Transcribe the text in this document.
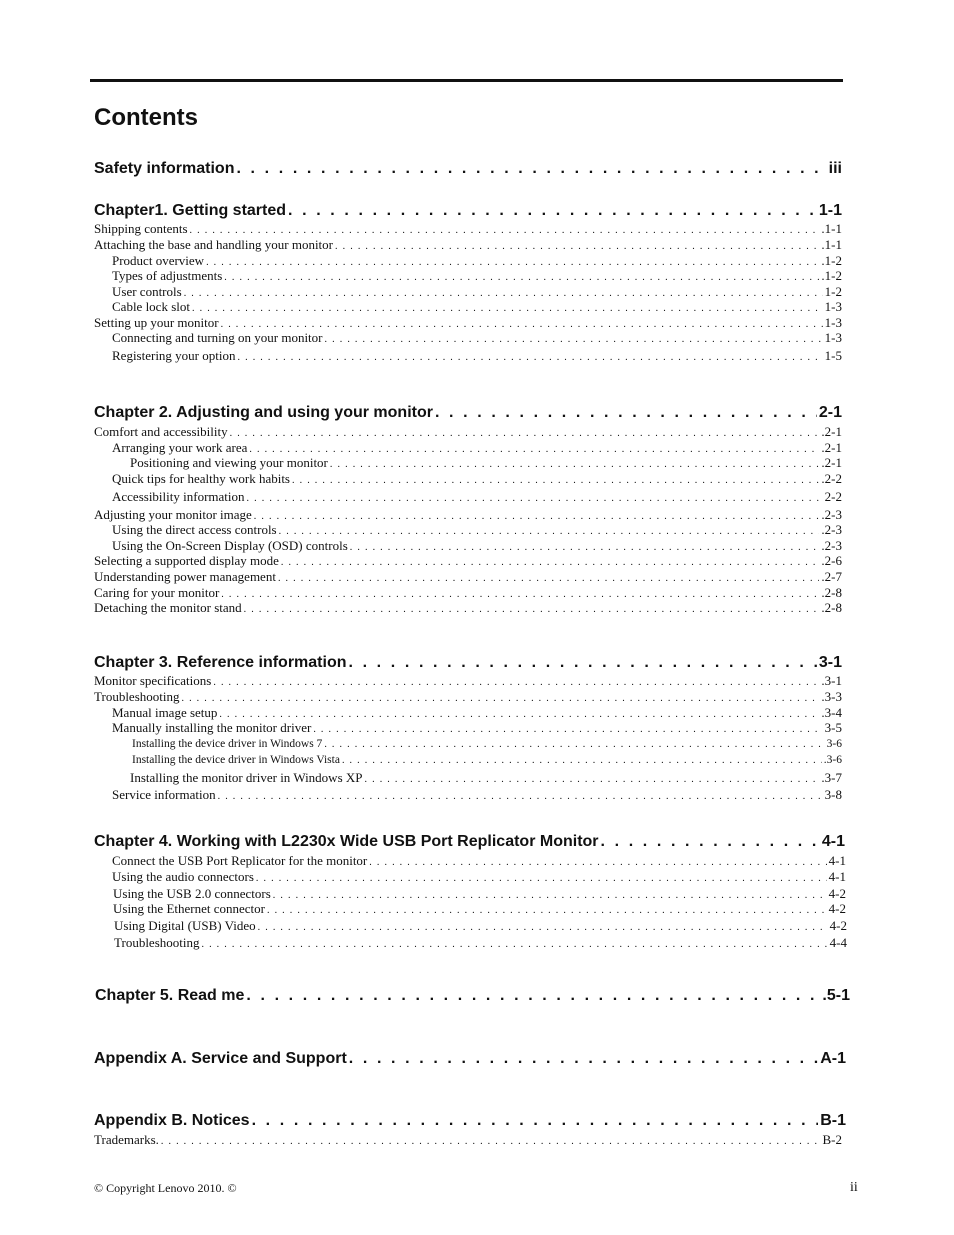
Contents
Safety information . . .	iii
Chapter1. Getting started . . .	1-1
Shipping contents . . .	.1-1
Attaching the base and handling your monitor . . .	.1-1
Product overview . . .	.1-2
Types of adjustments . . .	.1-2
User controls . . .	1-2
Cable lock slot . . .	1-3
Setting up your monitor . . .	1-3
Connecting and turning on your monitor . . .	1-3
Registering your option . . .	1-5
Chapter 2. Adjusting and using your monitor . . .	2-1
Comfort and accessibility . . .	.2-1
Arranging your work area . . .	.2-1
Positioning and viewing your monitor . . .	.2-1
Quick tips for healthy work habits . . .	.2-2
Accessibility information . . .	2-2
Adjusting your monitor image . . .	.2-3
Using the direct access controls . . .	.2-3
Using the On-Screen Display (OSD) controls . . .	.2-3
Selecting a supported display mode . . .	.2-6
Understanding power management . . .	.2-7
Caring for your monitor . . .	.2-8
Detaching the monitor stand . . .	.2-8
Chapter 3. Reference information . . .	3-1
Monitor specifications . . .	.3-1
Troubleshooting . . .	.3-3
Manual image setup . . .	.3-4
Manually installing the monitor driver . . .	3-5
Installing the device driver in Windows 7 . . .	3-6
Installing the device driver in Windows Vista . . .	.3-6
Installing the monitor driver in Windows XP . . .	.3-7
Service information . . .	3-8
Chapter 4. Working with L2230x Wide USB Port Replicator Monitor . . .	4-1
Connect the USB Port Replicator for the monitor . . .	4-1
Using the audio connectors . . .	4-1
Using the USB 2.0 connectors . . .	4-2
Using the Ethernet connector . . .	4-2
Using Digital (USB) Video . . .	4-2
Troubleshooting . . .	4-4
Chapter 5. Read me . . .	.5-1
Appendix A. Service and Support . . .	A-1
Appendix B. Notices . . .	B-1
Trademarks. . . .	B-2
© Copyright Lenovo 2010. ©	ii
